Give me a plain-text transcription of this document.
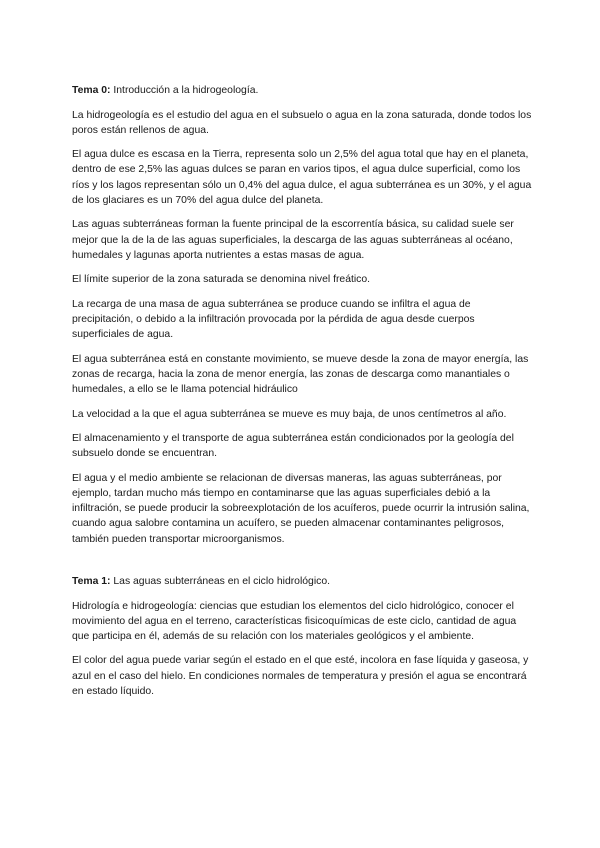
Tema 0: Introducción a la hidrogeología.

La hidrogeología es el estudio del agua en el subsuelo o agua en la zona saturada, donde todos los poros están rellenos de agua.

El agua dulce es escasa en la Tierra, representa solo un 2,5% del agua total que hay en el planeta, dentro de ese 2,5% las aguas dulces se paran en varios tipos, el agua dulce superficial, como los ríos y los lagos representan sólo un 0,4% del agua dulce, el agua subterránea es un 30%, y el agua de los glaciares es un 70% del agua dulce del planeta.

Las aguas subterráneas forman la fuente principal de la escorrentía básica, su calidad suele ser mejor que la de la de las aguas superficiales, la descarga de las aguas subterráneas al océano, humedales y lagunas aporta nutrientes a estas masas de agua.

El límite superior de la zona saturada se denomina nivel freático.

La recarga de una masa de agua subterránea se produce cuando se infiltra el agua de precipitación, o debido a la infiltración provocada por la pérdida de agua desde cuerpos superficiales de agua.

El agua subterránea está en constante movimiento, se mueve desde la zona de mayor energía, las zonas de recarga, hacia la zona de menor energía, las zonas de descarga como manantiales o humedales, a ello se le llama potencial hidráulico

La velocidad a la que el agua subterránea se mueve es muy baja, de unos centímetros al año.

El almacenamiento y el transporte de agua subterránea están condicionados por la geología del subsuelo donde se encuentran.

El agua y el medio ambiente se relacionan de diversas maneras, las aguas subterráneas, por ejemplo, tardan mucho más tiempo en contaminarse que las aguas superficiales debió a la infiltración, se puede producir la sobreexplotación de los acuíferos, puede ocurrir la intrusión salina, cuando agua salobre contamina un acuífero, se pueden almacenar contaminantes peligrosos, también pueden transportar microorganismos.

Tema 1: Las aguas subterráneas en el ciclo hidrológico.

Hidrología e hidrogeología: ciencias que estudian los elementos del ciclo hidrológico, conocer el movimiento del agua en el terreno, características fisicoquímicas de este ciclo, cantidad de agua que participa en él, además de su relación con los materiales geológicos y el ambiente.

El color del agua puede variar según el estado en el que esté, incolora en fase líquida y gaseosa, y azul en el caso del hielo. En condiciones normales de temperatura y presión el agua se encontrará en estado líquido.
